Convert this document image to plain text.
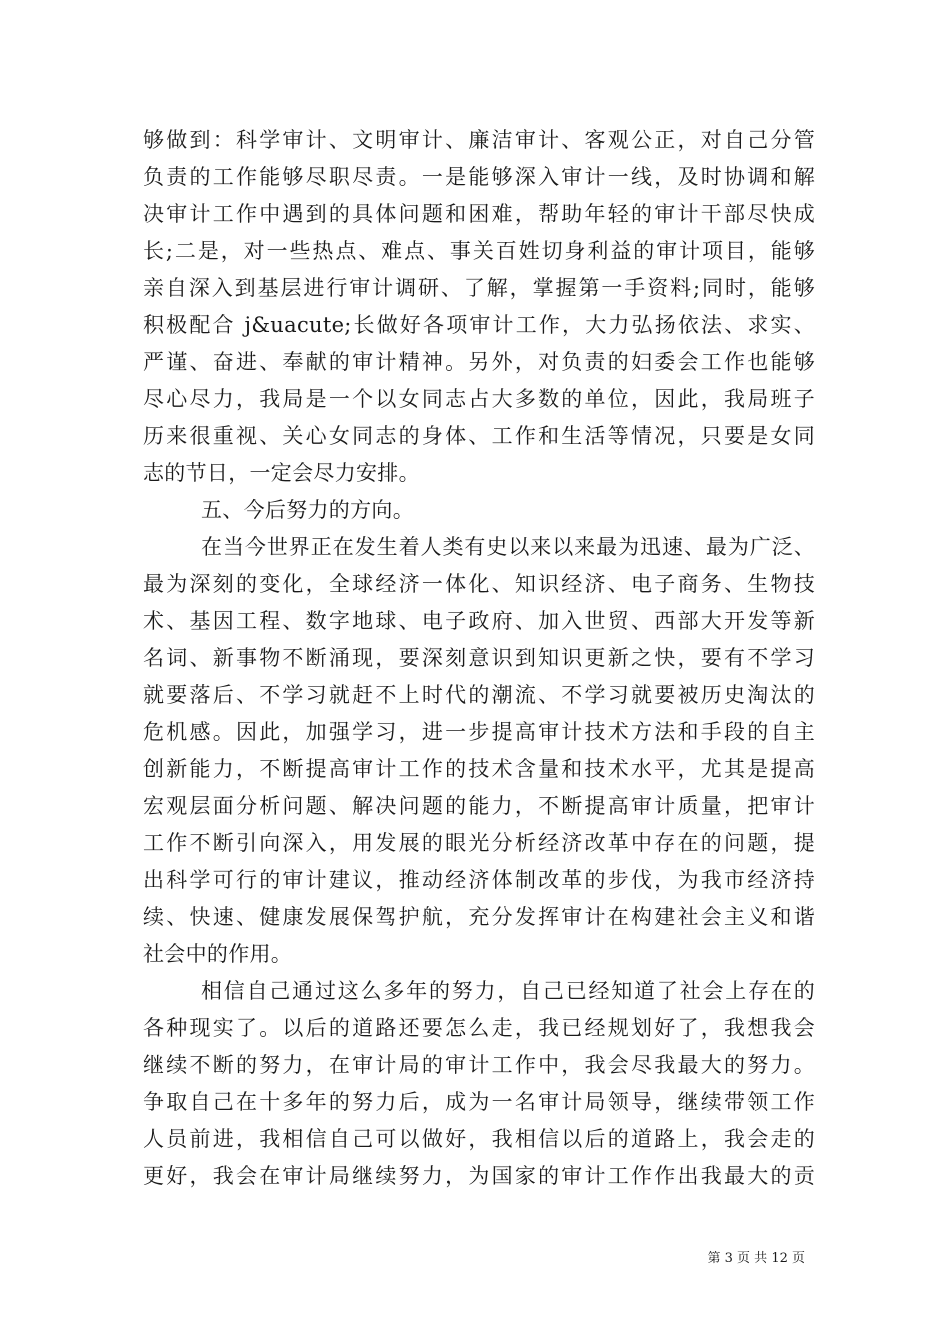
够做到：科学审计、文明审计、廉洁审计、客观公正，对自己分管
负责的工作能够尽职尽责。一是能够深入审计一线，及时协调和解
决审计工作中遇到的具体问题和困难，帮助年轻的审计干部尽快成
长;二是，对一些热点、难点、事关百姓切身利益的审计项目，能够
亲自深入到基层进行审计调研、了解，掌握第一手资料;同时，能够
积极配合 j&uacute;长做好各项审计工作，大力弘扬依法、求实、
严谨、奋进、奉献的审计精神。另外，对负责的妇委会工作也能够
尽心尽力，我局是一个以女同志占大多数的单位，因此，我局班子
历来很重视、关心女同志的身体、工作和生活等情况，只要是女同
志的节日，一定会尽力安排。
五、今后努力的方向。
在当今世界正在发生着人类有史以来以来最为迅速、最为广泛、
最为深刻的变化，全球经济一体化、知识经济、电子商务、生物技
术、基因工程、数字地球、电子政府、加入世贸、西部大开发等新
名词、新事物不断涌现，要深刻意识到知识更新之快，要有不学习
就要落后、不学习就赶不上时代的潮流、不学习就要被历史淘汰的
危机感。因此，加强学习，进一步提高审计技术方法和手段的自主
创新能力，不断提高审计工作的技术含量和技术水平，尤其是提高
宏观层面分析问题、解决问题的能力，不断提高审计质量，把审计
工作不断引向深入，用发展的眼光分析经济改革中存在的问题，提
出科学可行的审计建议，推动经济体制改革的步伐，为我市经济持
续、快速、健康发展保驾护航，充分发挥审计在构建社会主义和谐
社会中的作用。
相信自己通过这么多年的努力，自己已经知道了社会上存在的
各种现实了。以后的道路还要怎么走，我已经规划好了，我想我会
继续不断的努力，在审计局的审计工作中，我会尽我最大的努力。
争取自己在十多年的努力后，成为一名审计局领导，继续带领工作
人员前进，我相信自己可以做好，我相信以后的道路上，我会走的
更好，我会在审计局继续努力，为国家的审计工作作出我最大的贡
第 3 页 共 12 页
